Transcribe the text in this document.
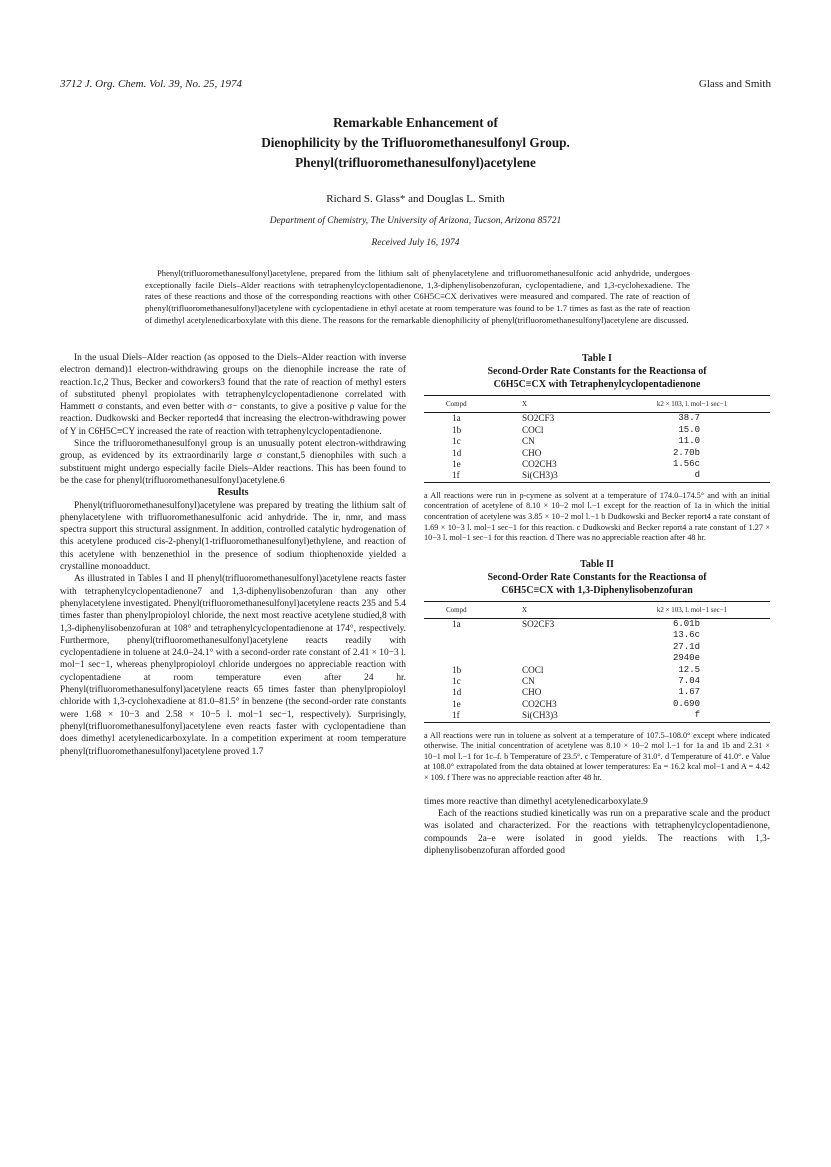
3712 J. Org. Chem. Vol. 39, No. 25, 1974	Glass and Smith
Remarkable Enhancement of
Dienophilicity by the Trifluoromethanesulfonyl Group.
Phenyl(trifluoromethanesulfonyl)acetylene
Richard S. Glass* and Douglas L. Smith
Department of Chemistry, The University of Arizona, Tucson, Arizona 85721
Received July 16, 1974
Phenyl(trifluoromethanesulfonyl)acetylene, prepared from the lithium salt of phenylacetylene and trifluoromethanesulfonic acid anhydride, undergoes exceptionally facile Diels–Alder reactions with tetraphenylcyclopentadienone, 1,3-diphenylisobenzofuran, cyclopentadiene, and 1,3-cyclohexadiene. The rates of these reactions and those of the corresponding reactions with other C6H5C≡CX derivatives were measured and compared. The rate of reaction of phenyl(trifluoromethanesulfonyl)acetylene with cyclopentadiene in ethyl acetate at room temperature was found to be 1.7 times as fast as the rate of reaction of dimethyl acetylenedicarboxylate with this diene. The reasons for the remarkable dienophilicity of phenyl(trifluoromethanesulfonyl)acetylene are discussed.

In the usual Diels–Alder reaction (as opposed to the Diels–Alder reaction with inverse electron demand)1 electron-withdrawing groups on the dienophile increase the rate of reaction.1c,2 Thus, Becker and coworkers3 found that the rate of reaction of methyl esters of substituted phenyl propiolates with tetraphenylcyclopentadienone correlated with Hammett σ constants, and even better with σ− constants, to give a positive ρ value for the reaction. Dudkowski and Becker reported4 that increasing the electron-withdrawing power of Y in C6H5C≡CY increased the rate of reaction with tetraphenylcyclopentadienone.

Since the trifluoromethanesulfonyl group is an unusually potent electron-withdrawing group, as evidenced by its extraordinarily large σ constant,5 dienophiles with such a substituent might undergo especially facile Diels–Alder reactions. This has been found to be the case for phenyl(trifluoromethanesulfonyl)acetylene.6

Results

Phenyl(trifluoromethanesulfonyl)acetylene was prepared by treating the lithium salt of phenylacetylene with trifluoromethanesulfonic acid anhydride. The ir, nmr, and mass spectra support this structural assignment. In addition, controlled catalytic hydrogenation of this acetylene produced cis-2-phenyl(1-trifluoromethanesulfonyl)ethylene, and reaction of this acetylene with benzenethiol in the presence of sodium thiophenoxide yielded a crystalline monoadduct.

As illustrated in Tables I and II phenyl(trifluoromethanesulfonyl)acetylene reacts faster with tetraphenylcyclopentadienone7 and 1,3-diphenylisobenzofuran than any other phenylacetylene investigated. Phenyl(trifluoromethanesulfonyl)acetylene reacts 235 and 5.4 times faster than phenylpropioloyl chloride, the next most reactive acetylene studied,8 with 1,3-diphenylisobenzofuran at 108° and tetraphenylcyclopentadienone at 174°, respectively. Furthermore, phenyl(trifluoromethanesulfonyl)acetylene reacts readily with cyclopentadiene in toluene at 24.0–24.1° with a second-order rate constant of 2.41 × 10−3 l. mol−1 sec−1, whereas phenylpropioloyl chloride undergoes no appreciable reaction with cyclopentadiene at room temperature even after 24 hr. Phenyl(trifluoromethanesulfonyl)acetylene reacts 65 times faster than phenylpropioloyl chloride with 1,3-cyclohexadiene at 81.0–81.5° in benzene (the second-order rate constants were 1.68 × 10−3 and 2.58 × 10−5 l. mol−1 sec−1, respectively). Surprisingly, phenyl(trifluoromethanesulfonyl)acetylene even reacts faster with cyclopentadiene than does dimethyl acetylenedicarboxylate. In a competition experiment at room temperature phenyl(trifluoromethanesulfonyl)acetylene proved 1.7

Table I
Second-Order Rate Constants for the Reactionsa of
C6H5C≡CX with Tetraphenylcyclopentadienone
Compd	X	k2 × 103, l. mol−1 sec−1
1a	SO2CF3	38.7
1b	COCl	15.0
1c	CN	11.0
1d	CHO	2.70b
1e	CO2CH3	1.56c
1f	Si(CH3)3	d
a All reactions were run in p-cymene as solvent at a temperature of 174.0–174.5° and with an initial concentration of acetylene of 8.10 × 10−2 mol l.−1 except for the reaction of 1a in which the initial concentration of acetylene was 3.85 × 10−2 mol l.−1 b Dudkowski and Becker report4 a rate constant of 1.69 × 10−3 l. mol−1 sec−1 for this reaction. c Dudkowski and Becker report4 a rate constant of 1.27 × 10−3 l. mol−1 sec−1 for this reaction. d There was no appreciable reaction after 48 hr.
Table II
Second-Order Rate Constants for the Reactionsa of
C6H5C≡CX with 1,3-Diphenylisobenzofuran
Compd	X	k2 × 103, l. mol−1 sec−1
1a	SO2CF3	6.01b
		13.6c
		27.1d
		2940e
1b	COCl	12.5
1c	CN	7.04
1d	CHO	1.67
1e	CO2CH3	0.690
1f	Si(CH3)3	f
a All reactions were run in toluene as solvent at a temperature of 107.5–108.0° except where indicated otherwise. The initial concentration of acetylene was 8.10 × 10−2 mol l.−1 for 1a and 1b and 2.31 × 10−1 mol l.−1 for 1c–f. b Temperature of 23.5°. c Temperature of 31.0°. d Temperature of 41.0°. e Value at 108.0° extrapolated from the data obtained at lower temperatures: Ea = 16.2 kcal mol−1 and A = 4.42 × 109. f There was no appreciable reaction after 48 hr.

times more reactive than dimethyl acetylenedicarboxylate.9

Each of the reactions studied kinetically was run on a preparative scale and the product was isolated and characterized. For the reactions with tetraphenylcyclopentadienone, compounds 2a–e were isolated in good yields. The reactions with 1,3-diphenylisobenzofuran afforded good
